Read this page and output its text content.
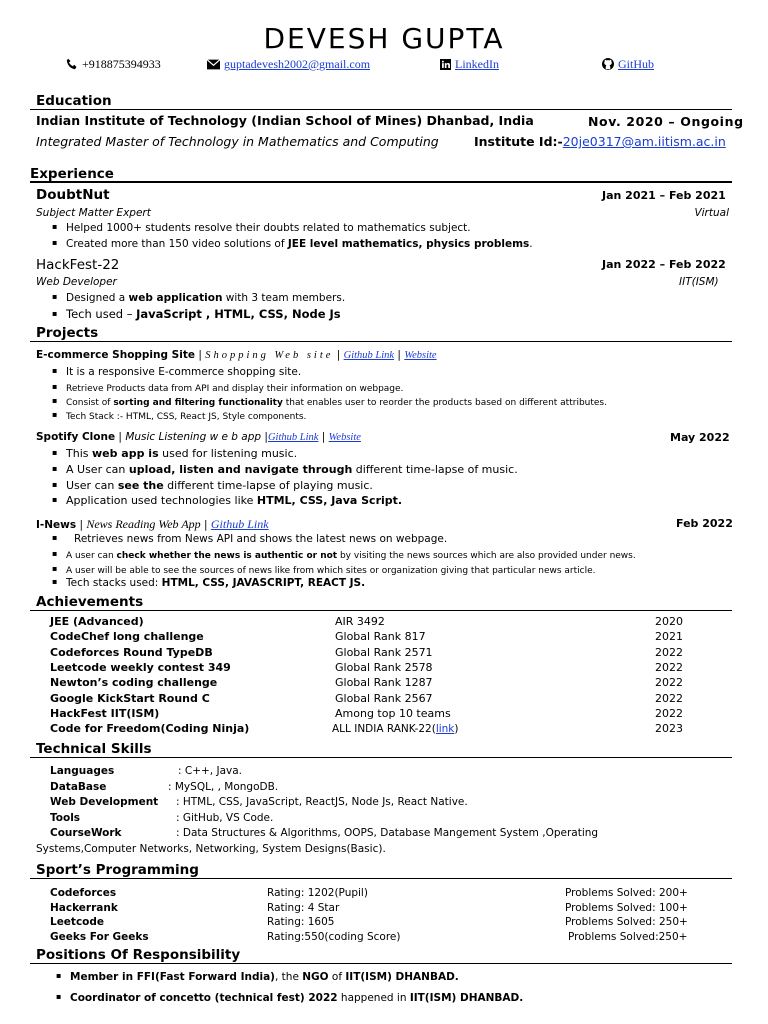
DEVESH GUPTA
+918875394933	guptadevesh2002@gmail.com	LinkedIn	GitHub
Education
Indian Institute of Technology (Indian School of Mines) Dhanbad, India	Nov. 2020 – Ongoing
Integrated Master of Technology in Mathematics and Computing	Institute Id:-20je0317@am.iitism.ac.in
Experience
DoubtNut	Jan 2021 – Feb 2021
Subject Matter Expert	Virtual
▪ Helped 1000+ students resolve their doubts related to mathematics subject.
▪ Created more than 150 video solutions of JEE level mathematics, physics problems.
HackFest-22	Jan 2022 – Feb 2022
Web Developer	IIT(ISM)
▪ Designed a web application with 3 team members.
▪ Tech used – JavaScript , HTML, CSS, Node Js
Projects
E-commerce Shopping Site | Shopping Web site | Github Link | Website
▪ It is a responsive E-commerce shopping site.
▪ Retrieve Products data from API and display their information on webpage.
▪ Consist of sorting and filtering functionality that enables user to reorder the products based on different attributes.
▪ Tech Stack :- HTML, CSS, React JS, Style components.
Spotify Clone | Music Listening w e b app |Github Link | Website	May 2022
▪ This web app is used for listening music.
▪ A User can upload, listen and navigate through different time-lapse of music.
▪ User can see the different time-lapse of playing music.
▪ Application used technologies like HTML, CSS, Java Script.
I-News | News Reading Web App | Github Link	Feb 2022
▪ Retrieves news from News API and shows the latest news on webpage.
▪ A user can check whether the news is authentic or not by visiting the news sources which are also provided under news.
▪ A user will be able to see the sources of news like from which sites or organization giving that particular news article.
▪ Tech stacks used: HTML, CSS, JAVASCRIPT, REACT JS.
Achievements
JEE (Advanced)	AIR 3492	2020
CodeChef long challenge	Global Rank 817	2021
Codeforces Round TypeDB	Global Rank 2571	2022
Leetcode weekly contest 349	Global Rank 2578	2022
Newton’s coding challenge	Global Rank 1287	2022
Google KickStart Round C	Global Rank 2567	2022
HackFest IIT(ISM)	Among top 10 teams	2022
Code for Freedom(Coding Ninja)	ALL INDIA RANK-22(link)	2023
Technical Skills
Languages	: C++, Java.
DataBase	: MySQL, , MongoDB.
Web Development : HTML, CSS, JavaScript, ReactJS, Node Js, React Native.
Tools	: GitHub, VS Code.
CourseWork	: Data Structures & Algorithms, OOPS, Database Mangement System ,Operating
Systems,Computer Networks, Networking, System Designs(Basic).
Sport’s Programming
Codeforces	Rating: 1202(Pupil)	Problems Solved: 200+
Hackerrank	Rating: 4 Star	Problems Solved: 100+
Leetcode	Rating: 1605	Problems Solved: 250+
Geeks For Geeks	Rating:550(coding Score)	Problems Solved:250+
Positions Of Responsibility
▪ Member in FFI(Fast Forward India), the NGO of IIT(ISM) DHANBAD.
▪ Coordinator of concetto (technical fest) 2022 happened in IIT(ISM) DHANBAD.
